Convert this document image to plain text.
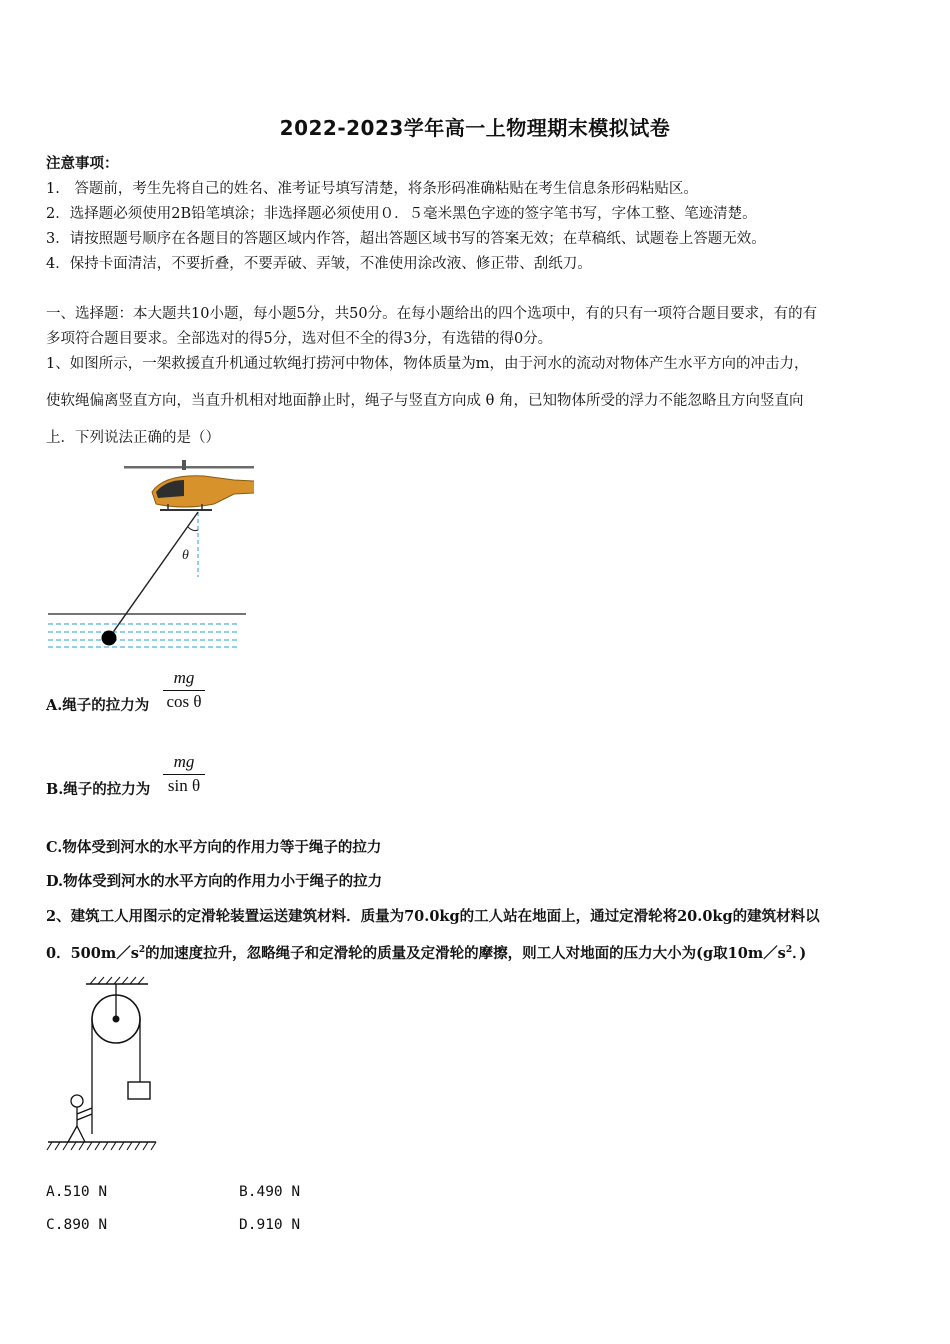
2022-2023学年高一上物理期末模拟试卷
注意事项：
1.　答题前，考生先将自己的姓名、准考证号填写清楚，将条形码准确粘贴在考生信息条形码粘贴区。
2．选择题必须使用2B铅笔填涂；非选择题必须使用０．５毫米黑色字迹的签字笔书写，字体工整、笔迹清楚。
3．请按照题号顺序在各题目的答题区域内作答，超出答题区域书写的答案无效；在草稿纸、试题卷上答题无效。
4．保持卡面清洁，不要折叠，不要弄破、弄皱，不准使用涂改液、修正带、刮纸刀。
一、选择题：本大题共10小题，每小题5分，共50分。在每小题给出的四个选项中，有的只有一项符合题目要求，有的有
多项符合题目要求。全部选对的得5分，选对但不全的得3分，有选错的得0分。
1、如图所示，一架救援直升机通过软绳打捞河中物体，物体质量为m，由于河水的流动对物体产生水平方向的冲击力，
使软绳偏离竖直方向，当直升机相对地面静止时，绳子与竖直方向成 θ 角，已知物体所受的浮力不能忽略且方向竖直向
上．下列说法正确的是（）
θ
A.绳子的拉力为
mg
cos θ
B.绳子的拉力为
mg
sin θ
C.物体受到河水的水平方向的作用力等于绳子的拉力
D.物体受到河水的水平方向的作用力小于绳子的拉力
2、建筑工人用图示的定滑轮装置运送建筑材料．质量为70.0kg的工人站在地面上，通过定滑轮将20.0kg的建筑材料以
0．$500m/s^2$的加速度拉升，忽略绳子和定滑轮的质量及定滑轮的摩擦，则工人对地面的压力大小为(g取$10m/s^2$．)
A.510 N	B.490 N
C.890 N	D.910 N
